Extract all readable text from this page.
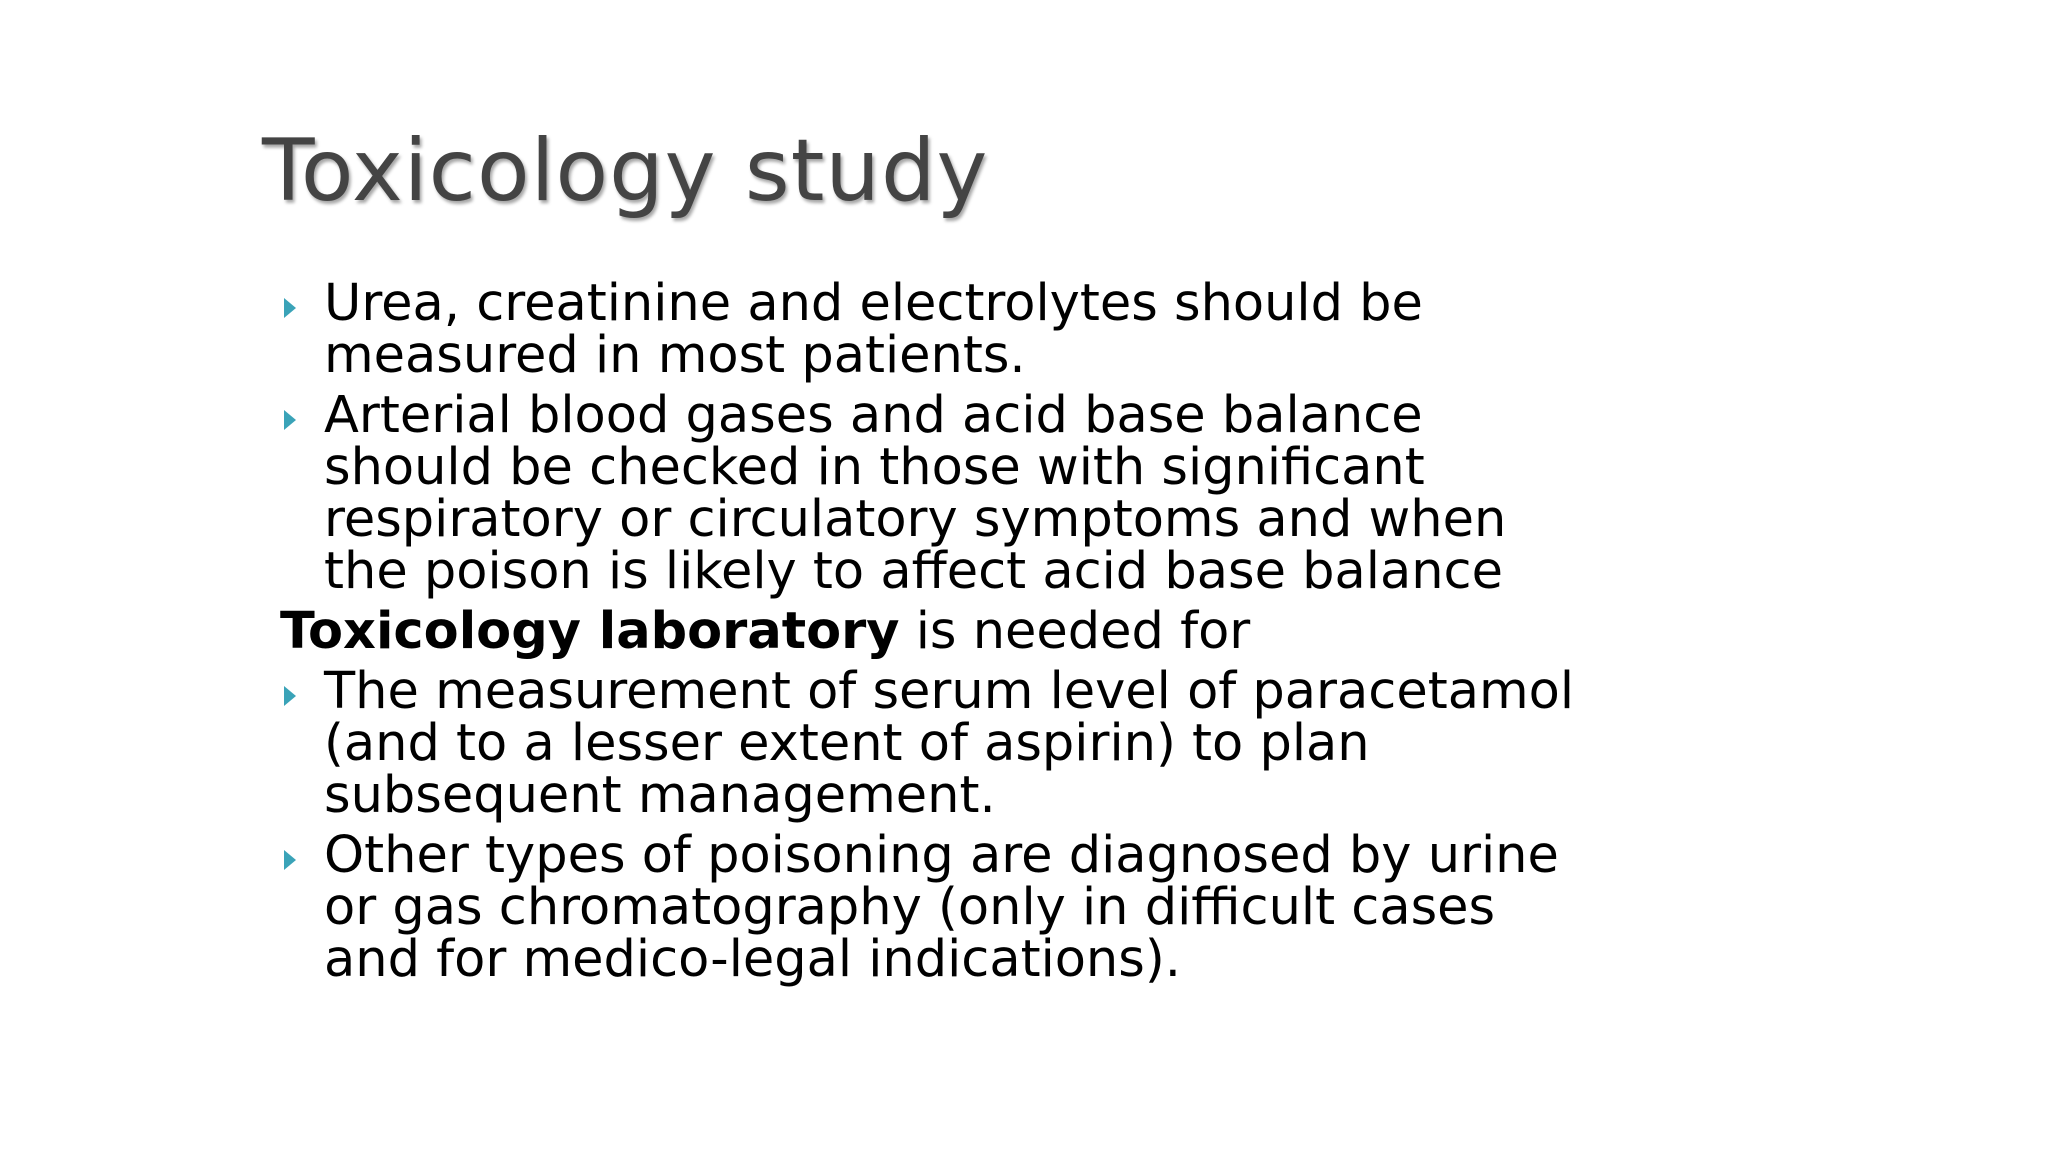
Toxicology study
Urea, creatinine and electrolytes should be
measured in most patients.
Arterial blood gases and acid base balance
should be checked in those with significant
respiratory or circulatory symptoms and when
the poison is likely to affect acid base balance
Toxicology laboratory is needed for
The measurement of serum level of paracetamol
(and to a lesser extent of aspirin) to plan
subsequent management.
Other types of poisoning are diagnosed by urine
or gas chromatography (only in difficult cases
and for medico-legal indications).
